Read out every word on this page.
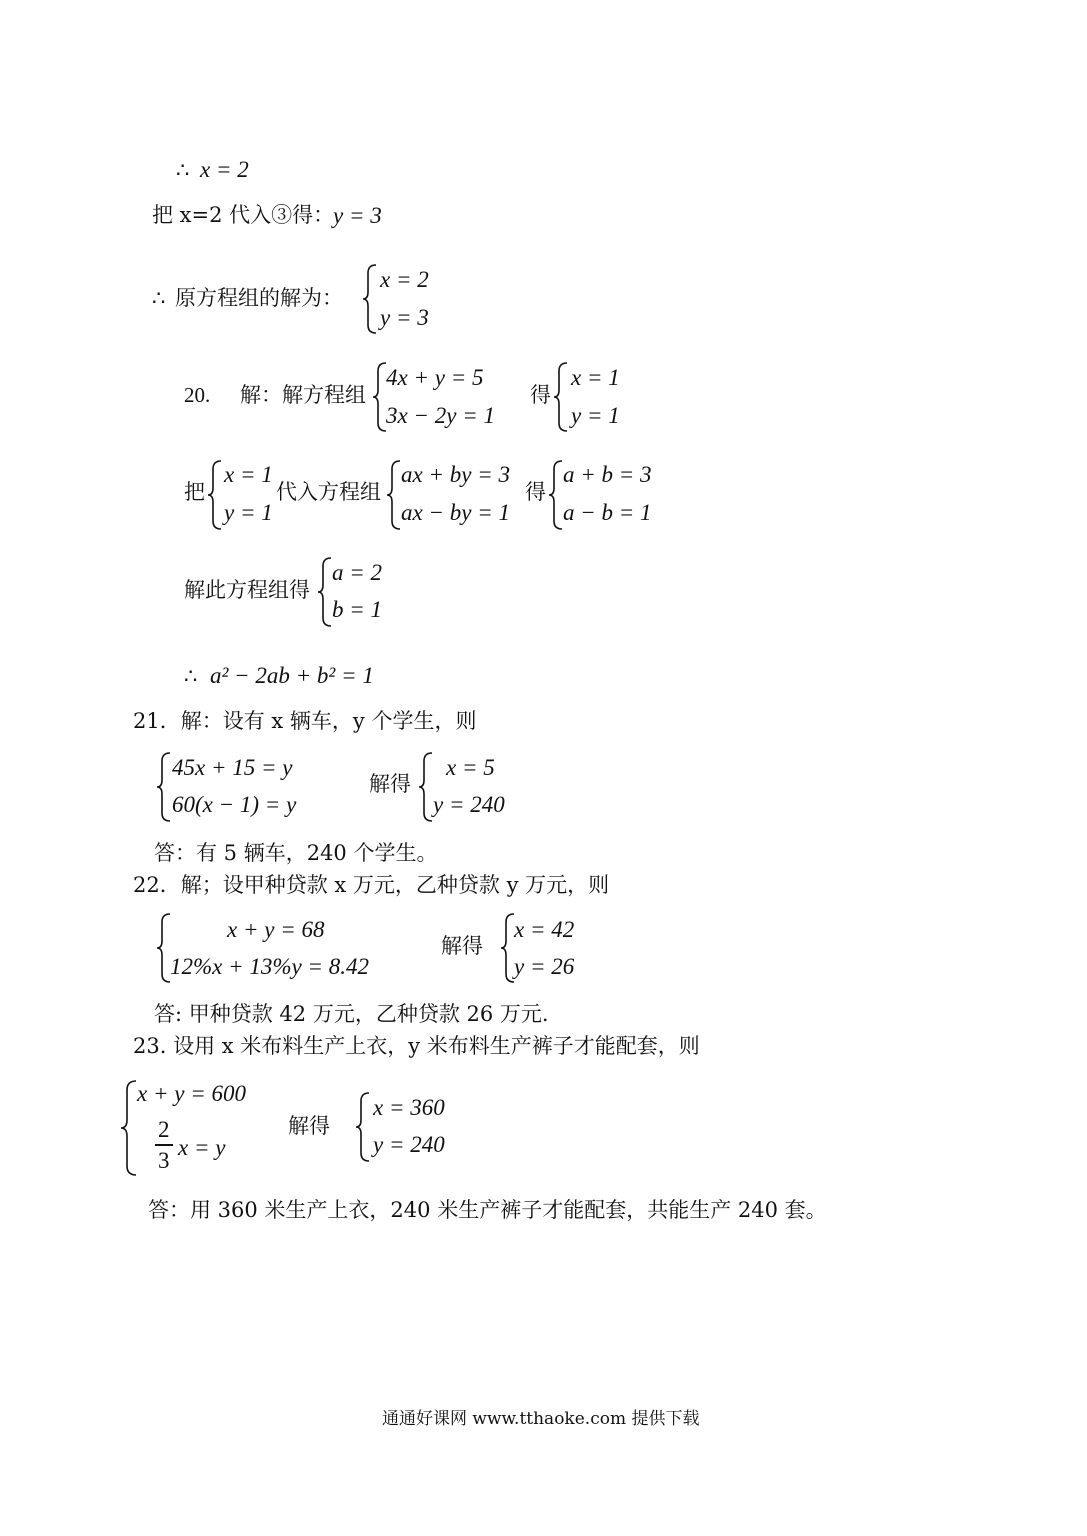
∴ x = 2
把 x=2 代入③得：
y = 3
∴ 原方程组的解为：
x = 2
y = 3
20. 解：解方程组
4x + y = 5
3x − 2y = 1
得
x = 1
y = 1
把
x = 1
y = 1
代入方程组
ax + by = 3
ax − by = 1
得
a + b = 3
a − b = 1
解此方程组得
a = 2
b = 1
∴ a² − 2ab + b² = 1
21．解：设有 x 辆车，y 个学生，则
45x + 15 = y
60(x − 1) = y
解得
x = 5
y = 240
答：有 5 辆车，240 个学生。
22．解；设甲种贷款 x 万元，乙种贷款 y 万元，则
x + y = 68
12%x + 13%y = 8.42
解得
x = 42
y = 26
答: 甲种贷款 42 万元，乙种贷款 26 万元.
23. 设用 x 米布料生产上衣，y 米布料生产裤子才能配套，则
x + y = 600
2
3
x = y
解得
x = 360
y = 240
答：用 360 米生产上衣，240 米生产裤子才能配套，共能生产 240 套。
通通好课网 www.tthaoke.com 提供下载
